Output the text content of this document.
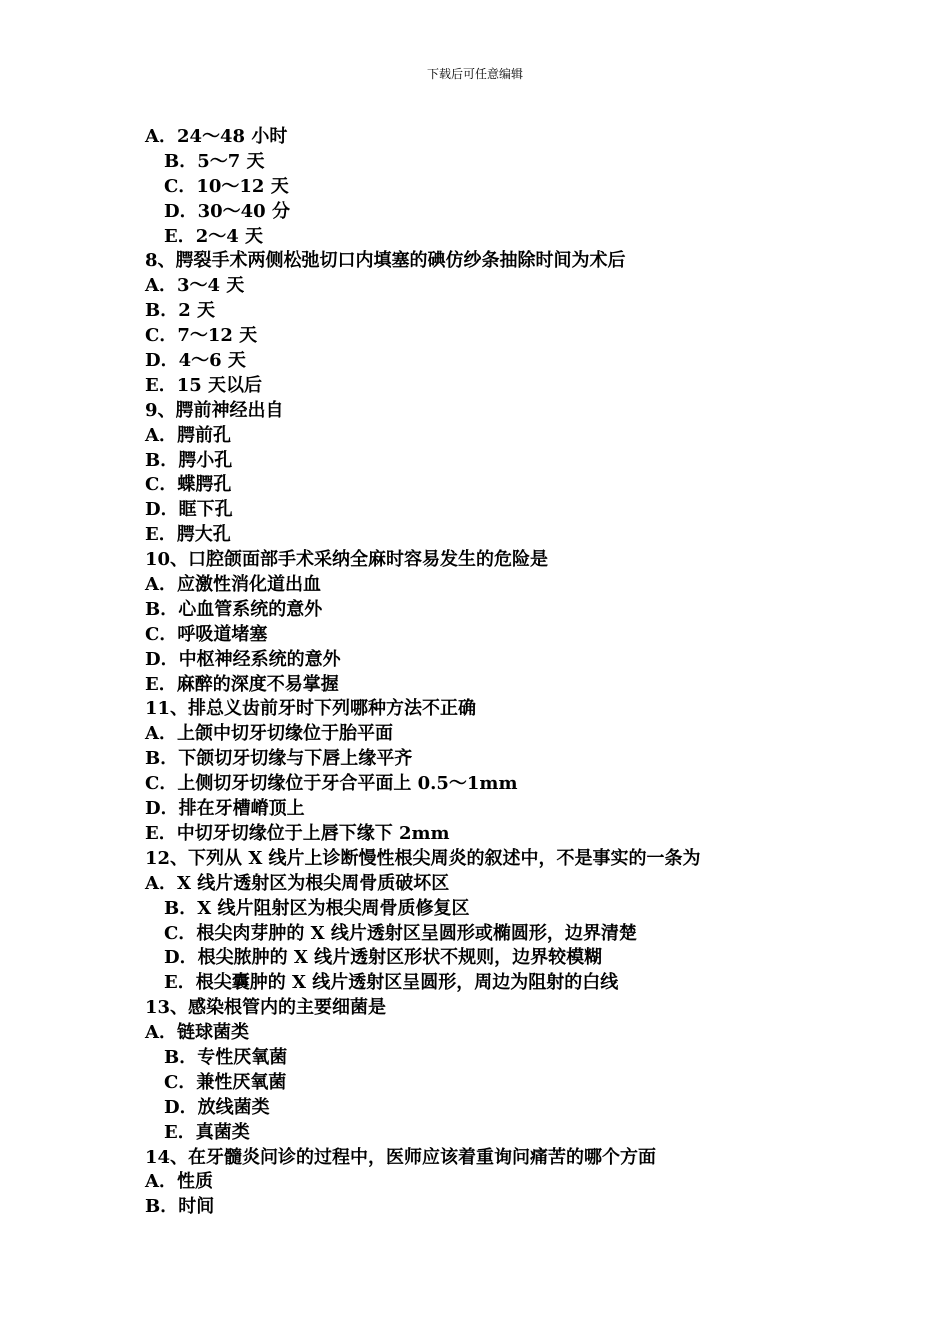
下载后可任意编辑
A．24～48 小时
B．5～7 天
C．10～12 天
D．30～40 分
E．2～4 天
8、腭裂手术两侧松弛切口内填塞的碘仿纱条抽除时间为术后
A．3～4 天
B．2 天
C．7～12 天
D．4～6 天
E．15 天以后
9、腭前神经出自
A．腭前孔
B．腭小孔
C．蝶腭孔
D．眶下孔
E．腭大孔
10、口腔颌面部手术采纳全麻时容易发生的危险是
A．应激性消化道出血
B．心血管系统的意外
C．呼吸道堵塞
D．中枢神经系统的意外
E．麻醉的深度不易掌握
11、排总义齿前牙时下列哪种方法不正确
A．上颌中切牙切缘位于胎平面
B．下颌切牙切缘与下唇上缘平齐
C．上侧切牙切缘位于牙合平面上 0.5～1mm
D．排在牙槽嵴顶上
E．中切牙切缘位于上唇下缘下 2mm
12、下列从 X 线片上诊断慢性根尖周炎的叙述中，不是事实的一条为
A．X 线片透射区为根尖周骨质破坏区
B．X 线片阻射区为根尖周骨质修复区
C．根尖肉芽肿的 X 线片透射区呈圆形或椭圆形，边界清楚
D．根尖脓肿的 X 线片透射区形状不规则，边界较模糊
E．根尖囊肿的 X 线片透射区呈圆形，周边为阻射的白线
13、感染根管内的主要细菌是
A．链球菌类
B．专性厌氧菌
C．兼性厌氧菌
D．放线菌类
E．真菌类
14、在牙髓炎问诊的过程中，医师应该着重询问痛苦的哪个方面
A．性质
B．时间
